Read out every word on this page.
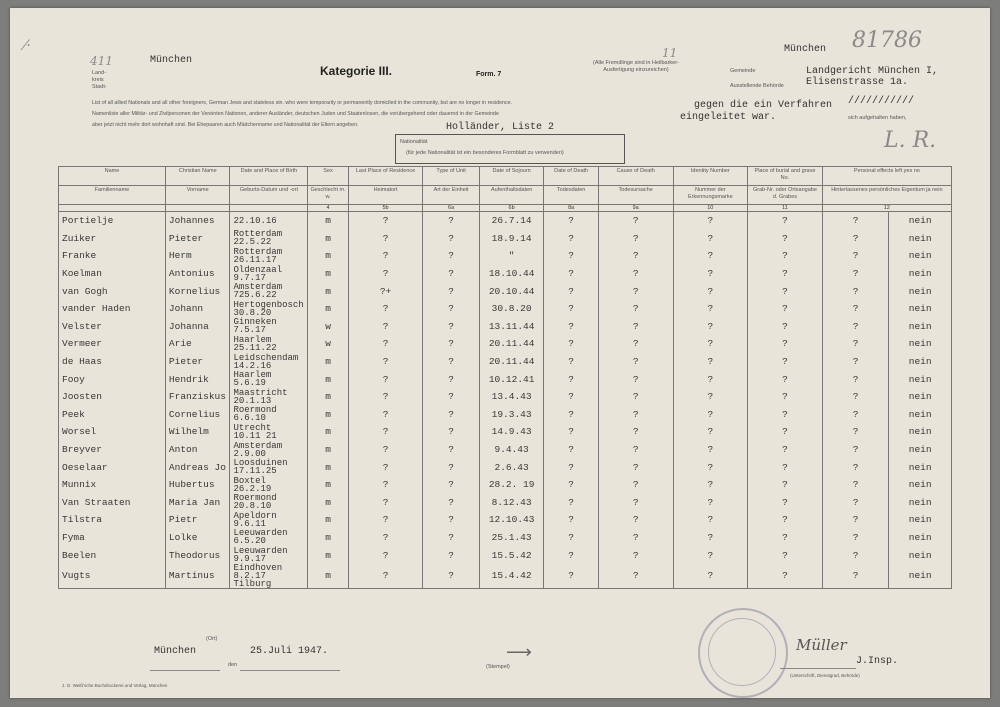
⁄·
411	München
Land-
kreis
Stadt-
Kategorie III.	Form. 7
(Alle Fremdlinge sind in Heilbarker-
Ausfertigung einzureichen)
11
Gemeinde
München 81786
Ausstellende Behörde
Landgericht München I,
Elisenstrasse 1a.
List of all allied Nationals and all other foreigners, German Jews and stateless sin. who were temporarily or permanently domiciled in the community, but are no longer in residence.
Namenliste aller Militär- und Zivilpersonen der Vereinten Nationen, anderer Ausländer, deutschen Juden und Staatenlosen, die vorübergehend oder dauernd in der Gemeinde
aber jetzt nicht mehr dort wohnhaft sind. Bei Ehepaaren auch Mädchenname und Nationalität der Eltern angeben.
gegen die ein Verfahren ///////////
eingeleitet war.	sich aufgehalten haben,
L. R.
Holländer, Liste 2
Nationalität
(für jede Nationalität ist ein besonderes Formblatt zu verwenden)
Name	Christian Name	Date and Place of Birth	Sex	Last Place of Residence	Type of Unit	Date of Sojourn	Date of Death	Cause of Death	Identity Number	Place of burial and grave No.	Personal effects left yes no	
Familienname	Vorname	Geburts-Datum und -ort	Geschlecht m. w.	Heimatort	Art der Einheit	Aufenthaltsdaten	Todesdaten	Todesursache	Nummer der Erkennungsmarke	Grab-Nr. oder Ortsangabe d. Grabes	Hinterlassenes persönliches Eigentum ja nein	
			4	5b	6a	6b	8a	9a	10	11	12	
Portielje	Johannes	22.10.16	m	?	?	26.7.14	?	?	?	?	?	nein
Zuiker	Pieter	Rotterdam
22.5.22	m	?	?	18.9.14	?	?	?	?	?	nein
Franke	Herm	Rotterdam
26.11.17	m	?	?	"	?	?	?	?	?	nein
Koelman	Antonius	Oldenzaal
9.7.17	m	?	?	18.10.44	?	?	?	?	?	nein
van Gogh	Kornelius	Amsterdam
725.6.22	m	?+	?	20.10.44	?	?	?	?	?	nein
vander Haden	Johann	Hertogenbosch
30.8.20	m	?	?	30.8.20	?	?	?	?	?	nein
Velster	Johanna	Ginneken
7.5.17	w	?	?	13.11.44	?	?	?	?	?	nein
Vermeer	Arie	Haarlem
25.11.22	w	?	?	20.11.44	?	?	?	?	?	nein
de Haas	Pieter	Leidschendam
14.2.16	m	?	?	20.11.44	?	?	?	?	?	nein
Fooy	Hendrik	Haarlem
5.6.19	m	?	?	10.12.41	?	?	?	?	?	nein
Joosten	Franziskus	Maastricht
20.1.13	m	?	?	13.4.43	?	?	?	?	?	nein
Peek	Cornelius	Roermond
6.6.10	m	?	?	19.3.43	?	?	?	?	?	nein
Worsel	Wilhelm	Utrecht
10.11 21	m	?	?	14.9.43	?	?	?	?	?	nein
Breyver	Anton	Amsterdam
2.9.00	m	?	?	9.4.43	?	?	?	?	?	nein
Oeselaar	Andreas Jo	Loosduinen
17.11.25	m	?	?	2.6.43	?	?	?	?	?	nein
Munnix	Hubertus	Boxtel
26.2.19	m	?	?	28.2. 19	?	?	?	?	?	nein
Van Straaten	Maria Jan	Roermond
20.8.10	m	?	?	8.12.43	?	?	?	?	?	nein
Tilstra	Pietr	Apeldorn
9.6.11	m	?	?	12.10.43	?	?	?	?	?	nein
Fyma	Lolke	Leeuwarden
6.5.20	m	?	?	25.1.43	?	?	?	?	?	nein
Beelen	Theodorus	Leeuwarden
9.9.17	m	?	?	15.5.42	?	?	?	?	?	nein
Vugts	Martinus	Eindhoven
8.2.17
Tilburg	m	?	?	15.4.42	?	?	?	?	?	nein
(Ort)
München	25.Juli 1947.
den	(Stempel)
⟶	Müller
J.Insp.
(Unterschrift, Dienstgrad, Behörde)
J. G. Weiß'sche Buchdruckerei und Verlag, München
